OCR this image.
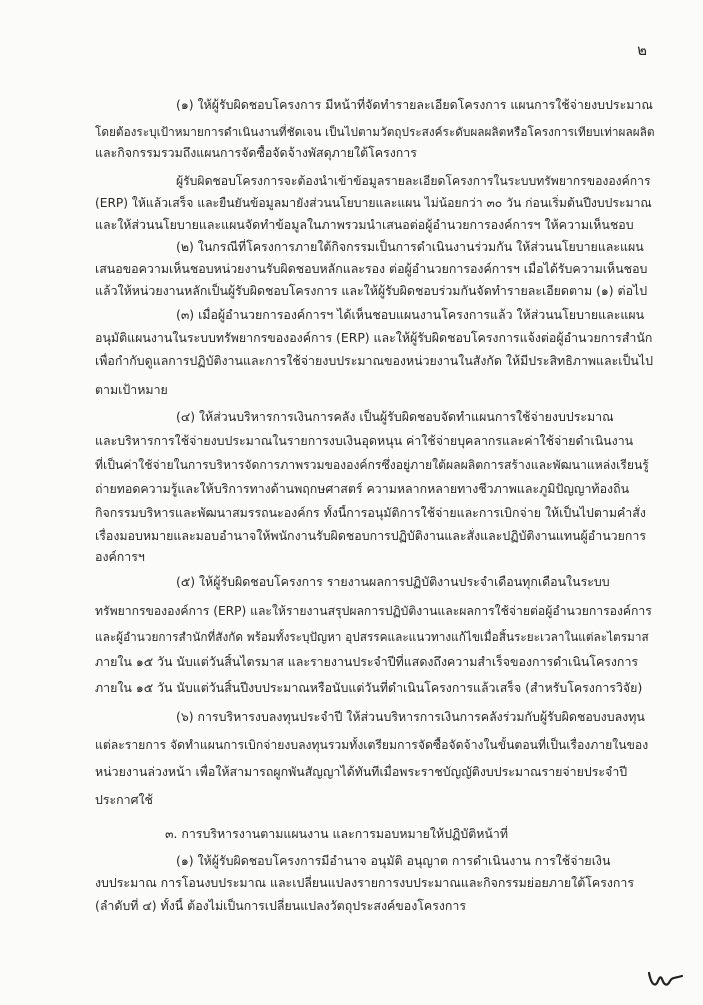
๒
(๑) ให้ผู้รับผิดชอบโครงการ มีหน้าที่จัดทำรายละเอียดโครงการ แผนการใช้จ่ายงบประมาณ
โดยต้องระบุเป้าหมายการดำเนินงานที่ชัดเจน เป็นไปตามวัตถุประสงค์ระดับผลผลิตหรือโครงการเทียบเท่าผลผลิต
และกิจกรรมรวมถึงแผนการจัดซื้อจัดจ้างพัสดุภายใต้โครงการ
ผู้รับผิดชอบโครงการจะต้องนำเข้าข้อมูลรายละเอียดโครงการในระบบทรัพยากรขององค์การ
(ERP) ให้แล้วเสร็จ และยืนยันข้อมูลมายังส่วนนโยบายและแผน ไม่น้อยกว่า ๓๐ วัน ก่อนเริ่มต้นปีงบประมาณ
และให้ส่วนนโยบายและแผนจัดทำข้อมูลในภาพรวมนำเสนอต่อผู้อำนวยการองค์การฯ ให้ความเห็นชอบ
(๒) ในกรณีที่โครงการภายใต้กิจกรรมเป็นการดำเนินงานร่วมกัน ให้ส่วนนโยบายและแผน
เสนอขอความเห็นชอบหน่วยงานรับผิดชอบหลักและรอง ต่อผู้อำนวยการองค์การฯ เมื่อได้รับความเห็นชอบ
แล้วให้หน่วยงานหลักเป็นผู้รับผิดชอบโครงการ และให้ผู้รับผิดชอบร่วมกันจัดทำรายละเอียดตาม (๑) ต่อไป
(๓) เมื่อผู้อำนวยการองค์การฯ ได้เห็นชอบแผนงานโครงการแล้ว ให้ส่วนนโยบายและแผน
อนุมัติแผนงานในระบบทรัพยากรขององค์การ (ERP) และให้ผู้รับผิดชอบโครงการแจ้งต่อผู้อำนวยการสำนัก
เพื่อกำกับดูแลการปฏิบัติงานและการใช้จ่ายงบประมาณของหน่วยงานในสังกัด ให้มีประสิทธิภาพและเป็นไป
ตามเป้าหมาย
(๔) ให้ส่วนบริหารการเงินการคลัง เป็นผู้รับผิดชอบจัดทำแผนการใช้จ่ายงบประมาณ
และบริหารการใช้จ่ายงบประมาณในรายการงบเงินอุดหนุน ค่าใช้จ่ายบุคลากรและค่าใช้จ่ายดำเนินงาน
ที่เป็นค่าใช้จ่ายในการบริหารจัดการภาพรวมขององค์กรซึ่งอยู่ภายใต้ผลผลิตการสร้างและพัฒนาแหล่งเรียนรู้
ถ่ายทอดความรู้และให้บริการทางด้านพฤกษศาสตร์ ความหลากหลายทางชีวภาพและภูมิปัญญาท้องถิ่น
กิจกรรมบริหารและพัฒนาสมรรถนะองค์กร ทั้งนี้การอนุมัติการใช้จ่ายและการเบิกจ่าย ให้เป็นไปตามคำสั่ง
เรื่องมอบหมายและมอบอำนาจให้พนักงานรับผิดชอบการปฏิบัติงานและสั่งและปฏิบัติงานแทนผู้อำนวยการ
องค์การฯ
(๕) ให้ผู้รับผิดชอบโครงการ รายงานผลการปฏิบัติงานประจำเดือนทุกเดือนในระบบ
ทรัพยากรขององค์การ (ERP) และให้รายงานสรุปผลการปฏิบัติงานและผลการใช้จ่ายต่อผู้อำนวยการองค์การ
และผู้อำนวยการสำนักที่สังกัด พร้อมทั้งระบุปัญหา อุปสรรคและแนวทางแก้ไขเมื่อสิ้นระยะเวลาในแต่ละไตรมาส
ภายใน ๑๕ วัน นับแต่วันสิ้นไตรมาส และรายงานประจำปีที่แสดงถึงความสำเร็จของการดำเนินโครงการ
ภายใน ๑๕ วัน นับแต่วันสิ้นปีงบประมาณหรือนับแต่วันที่ดำเนินโครงการแล้วเสร็จ (สำหรับโครงการวิจัย)
(๖) การบริหารงบลงทุนประจำปี ให้ส่วนบริหารการเงินการคลังร่วมกับผู้รับผิดชอบงบลงทุน
แต่ละรายการ จัดทำแผนการเบิกจ่ายงบลงทุนรวมทั้งเตรียมการจัดซื้อจัดจ้างในขั้นตอนที่เป็นเรื่องภายในของ
หน่วยงานล่วงหน้า เพื่อให้สามารถผูกพันสัญญาได้ทันทีเมื่อพระราชบัญญัติงบประมาณรายจ่ายประจำปี
ประกาศใช้
๓. การบริหารงานตามแผนงาน และการมอบหมายให้ปฏิบัติหน้าที่
(๑) ให้ผู้รับผิดชอบโครงการมีอำนาจ อนุมัติ อนุญาต การดำเนินงาน การใช้จ่ายเงิน
งบประมาณ การโอนงบประมาณ และเปลี่ยนแปลงรายการงบประมาณและกิจกรรมย่อยภายใต้โครงการ
(ลำดับที่ ๔) ทั้งนี้ ต้องไม่เป็นการเปลี่ยนแปลงวัตถุประสงค์ของโครงการ
